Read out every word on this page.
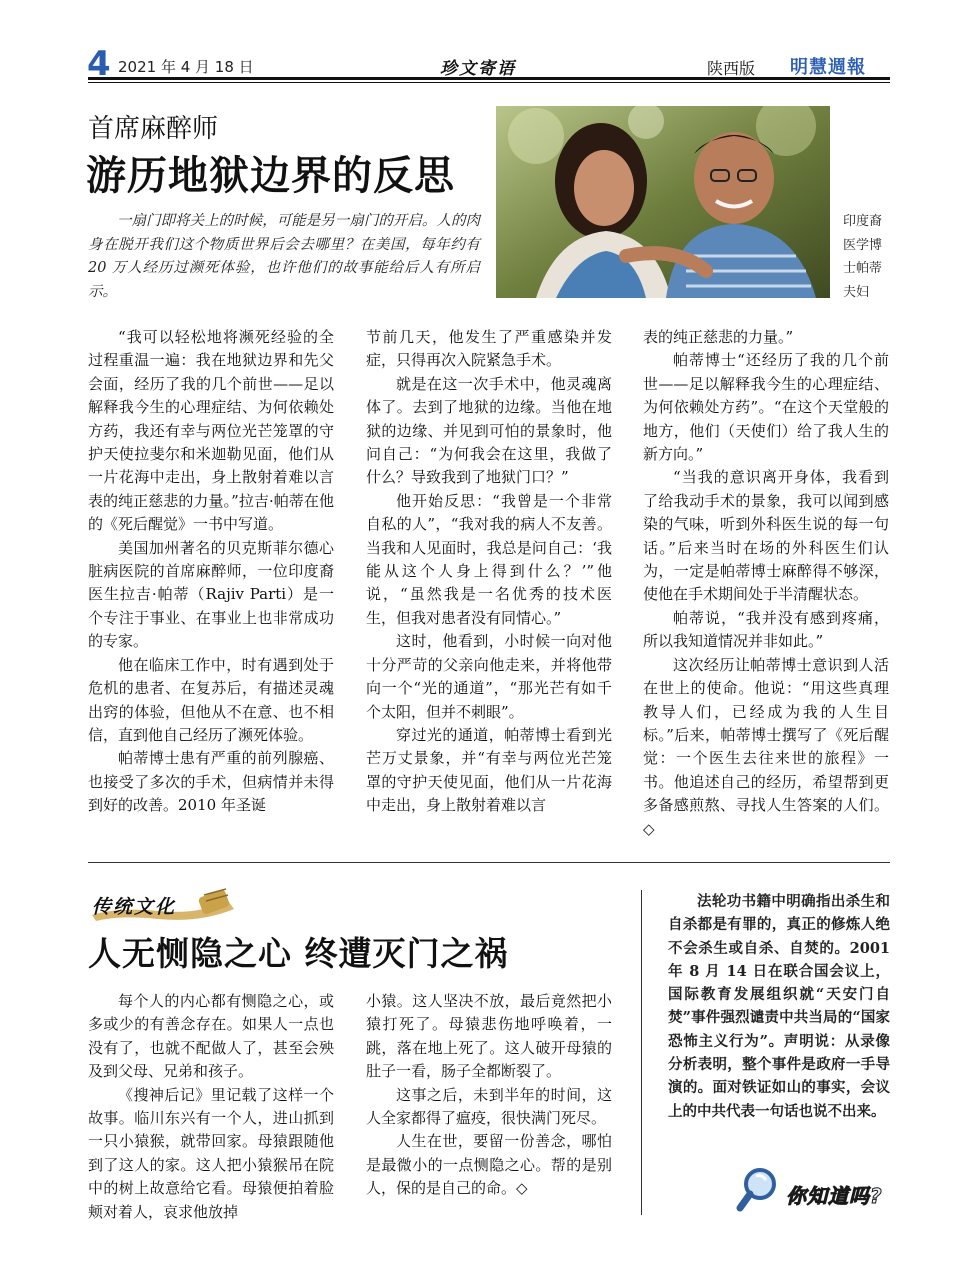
4 2021 年 4 月 18 日	珍文寄语	陕西版 明慧週報
首席麻醉师
游历地狱边界的反思
一扇门即将关上的时候，可能是另一扇门的开启。人的肉身在脱开我们这个物质世界后会去哪里？在美国，每年约有 20 万人经历过濒死体验，也许他们的故事能给后人有所启示。
印度裔医学博士帕蒂夫妇

“我可以轻松地将濒死经验的全过程重温一遍：我在地狱边界和先父会面，经历了我的几个前世——足以解释我今生的心理症结、为何依赖处方药，我还有幸与两位光芒笼罩的守护天使拉斐尔和米迦勒见面，他们从一片花海中走出，身上散射着难以言表的纯正慈悲的力量。”拉吉·帕蒂在他的《死后醒觉》一书中写道。

美国加州著名的贝克斯菲尔德心脏病医院的首席麻醉师，一位印度裔医生拉吉·帕蒂（Rajiv Parti）是一个专注于事业、在事业上也非常成功的专家。

他在临床工作中，时有遇到处于危机的患者、在复苏后，有描述灵魂出窍的体验，但他从不在意、也不相信，直到他自己经历了濒死体验。

帕蒂博士患有严重的前列腺癌、也接受了多次的手术，但病情并未得到好的改善。2010 年圣诞

节前几天，他发生了严重感染并发症，只得再次入院紧急手术。

就是在这一次手术中，他灵魂离体了。去到了地狱的边缘。当他在地狱的边缘、并见到可怕的景象时，他问自己：“为何我会在这里，我做了什么？导致我到了地狱门口？”

他开始反思：“我曾是一个非常自私的人”，“我对我的病人不友善。当我和人见面时，我总是问自己：‘我能从这个人身上得到什么？’”他说，“虽然我是一名优秀的技术医生，但我对患者没有同情心。”

这时，他看到，小时候一向对他十分严苛的父亲向他走来，并将他带向一个“光的通道”，“那光芒有如千个太阳，但并不刺眼”。

穿过光的通道，帕蒂博士看到光芒万丈景象，并“有幸与两位光芒笼罩的守护天使见面，他们从一片花海中走出，身上散射着难以言

表的纯正慈悲的力量。”

帕蒂博士“还经历了我的几个前世——足以解释我今生的心理症结、为何依赖处方药”。“在这个天堂般的地方，他们（天使们）给了我人生的新方向。”

“当我的意识离开身体，我看到了给我动手术的景象，我可以闻到感染的气味，听到外科医生说的每一句话。”后来当时在场的外科医生们认为，一定是帕蒂博士麻醉得不够深，使他在手术期间处于半清醒状态。

帕蒂说，“我并没有感到疼痛，所以我知道情况并非如此。”

这次经历让帕蒂博士意识到人活在世上的使命。他说：“用这些真理教导人们，已经成为我的人生目标。”后来，帕蒂博士撰写了《死后醒觉：一个医生去往来世的旅程》一书。他追述自己的经历，希望帮到更多备感煎熬、寻找人生答案的人们。◇

传统文化
人无恻隐之心 终遭灭门之祸

每个人的内心都有恻隐之心，或多或少的有善念存在。如果人一点也没有了，也就不配做人了，甚至会殃及到父母、兄弟和孩子。

《搜神后记》里记载了这样一个故事。临川东兴有一个人，进山抓到一只小猿猴，就带回家。母猿跟随他到了这人的家。这人把小猿猴吊在院中的树上故意给它看。母猿便拍着脸颊对着人，哀求他放掉

小猿。这人坚决不放，最后竟然把小猿打死了。母猿悲伤地呼唤着，一跳，落在地上死了。这人破开母猿的肚子一看，肠子全都断裂了。

这事之后，未到半年的时间，这人全家都得了瘟疫，很快满门死尽。

人生在世，要留一份善念，哪怕是最微小的一点恻隐之心。帮的是别人，保的是自己的命。◇

法轮功书籍中明确指出杀生和自杀都是有罪的，真正的修炼人绝不会杀生或自杀、自焚的。2001 年 8 月 14 日在联合国会议上，国际教育发展组织就“天安门自焚”事件强烈谴责中共当局的“国家恐怖主义行为”。声明说：从录像分析表明，整个事件是政府一手导演的。面对铁证如山的事实，会议上的中共代表一句话也说不出来。

你知道吗?
